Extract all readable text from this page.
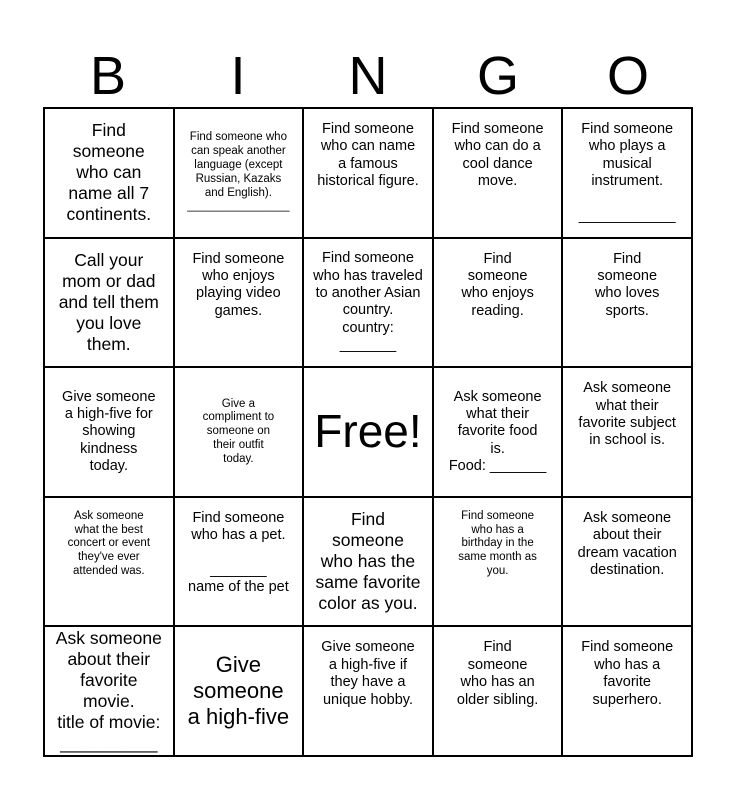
B	I	N	G	O
Find
someone
who can
name all 7
continents.
Find someone who
can speak another
language (except
Russian, Kazaks
and English).
________________
Find someone
who can name
a famous
historical figure.
Find someone
who can do a
cool dance
move.
Find someone
who plays a
musical
instrument.

____________
Call your
mom or dad
and tell them
you love
them.
Find someone
who enjoys
playing video
games.
Find someone
who has traveled
to another Asian
country.
country: _______
Find
someone
who enjoys
reading.
Find
someone
who loves
sports.
Give someone
a high-five for
showing
kindness
today.
Give a
compliment to
someone on
their outfit
today.
Free!
Ask someone
what their
favorite food
is.
Food: _______
Ask someone
what their
favorite subject
in school is.
Ask someone
what the best
concert or event
they've ever
attended was.
Find someone
who has a pet.

_______
name of the pet
Find
someone
who has the
same favorite
color as you.
Find someone
who has a
birthday in the
same month as
you.
Ask someone
about their
dream vacation
destination.
Ask someone
about their
favorite movie.
title of movie:
__________
Give
someone
a high-five
Give someone
a high-five if
they have a
unique hobby.
Find
someone
who has an
older sibling.
Find someone
who has a
favorite
superhero.
